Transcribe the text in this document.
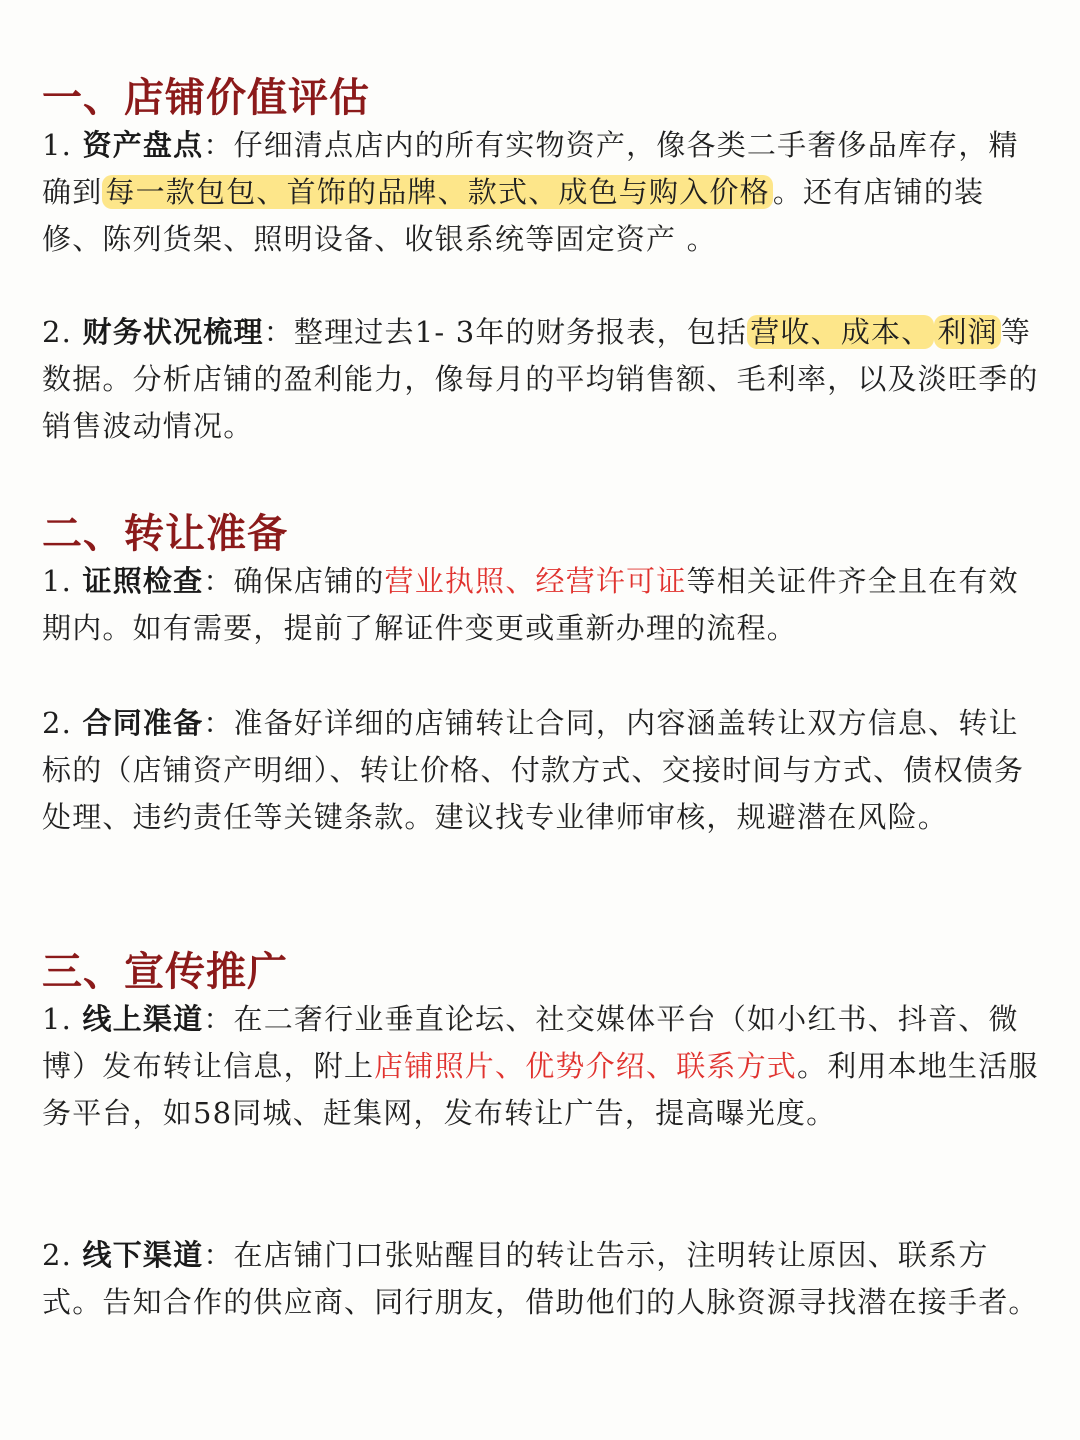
一、店铺价值评估

1. 资产盘点：仔细清点店内的所有实物资产，像各类二手奢侈品库存，精确到 每一款包包、首饰的品牌、款式、成色与购入价格 。还有店铺的装修、陈列货架、照明设备、收银系统等固定资产 。

2. 财务状况梳理：整理过去1- 3年的财务报表，包括 营收、成本、 利润 等数据。分析店铺的盈利能力，像每月的平均销售额、毛利率，以及淡旺季的销售波动情况。

二、转让准备

1. 证照检查：确保店铺的营业执照、经营许可证等相关证件齐全且在有效期内。如有需要，提前了解证件变更或重新办理的流程。

2. 合同准备：准备好详细的店铺转让合同，内容涵盖转让双方信息、转让标的（店铺资产明细）、转让价格、付款方式、交接时间与方式、债权债务处理、违约责任等关键条款。建议找专业律师审核，规避潜在风险。

三、宣传推广

1. 线上渠道：在二奢行业垂直论坛、社交媒体平台（如小红书、抖音、微博）发布转让信息，附上店铺照片、优势介绍、联系方式。利用本地生活服务平台，如58同城、赶集网，发布转让广告，提高曝光度。

2. 线下渠道：在店铺门口张贴醒目的转让告示，注明转让原因、联系方式。告知合作的供应商、同行朋友，借助他们的人脉资源寻找潜在接手者。
